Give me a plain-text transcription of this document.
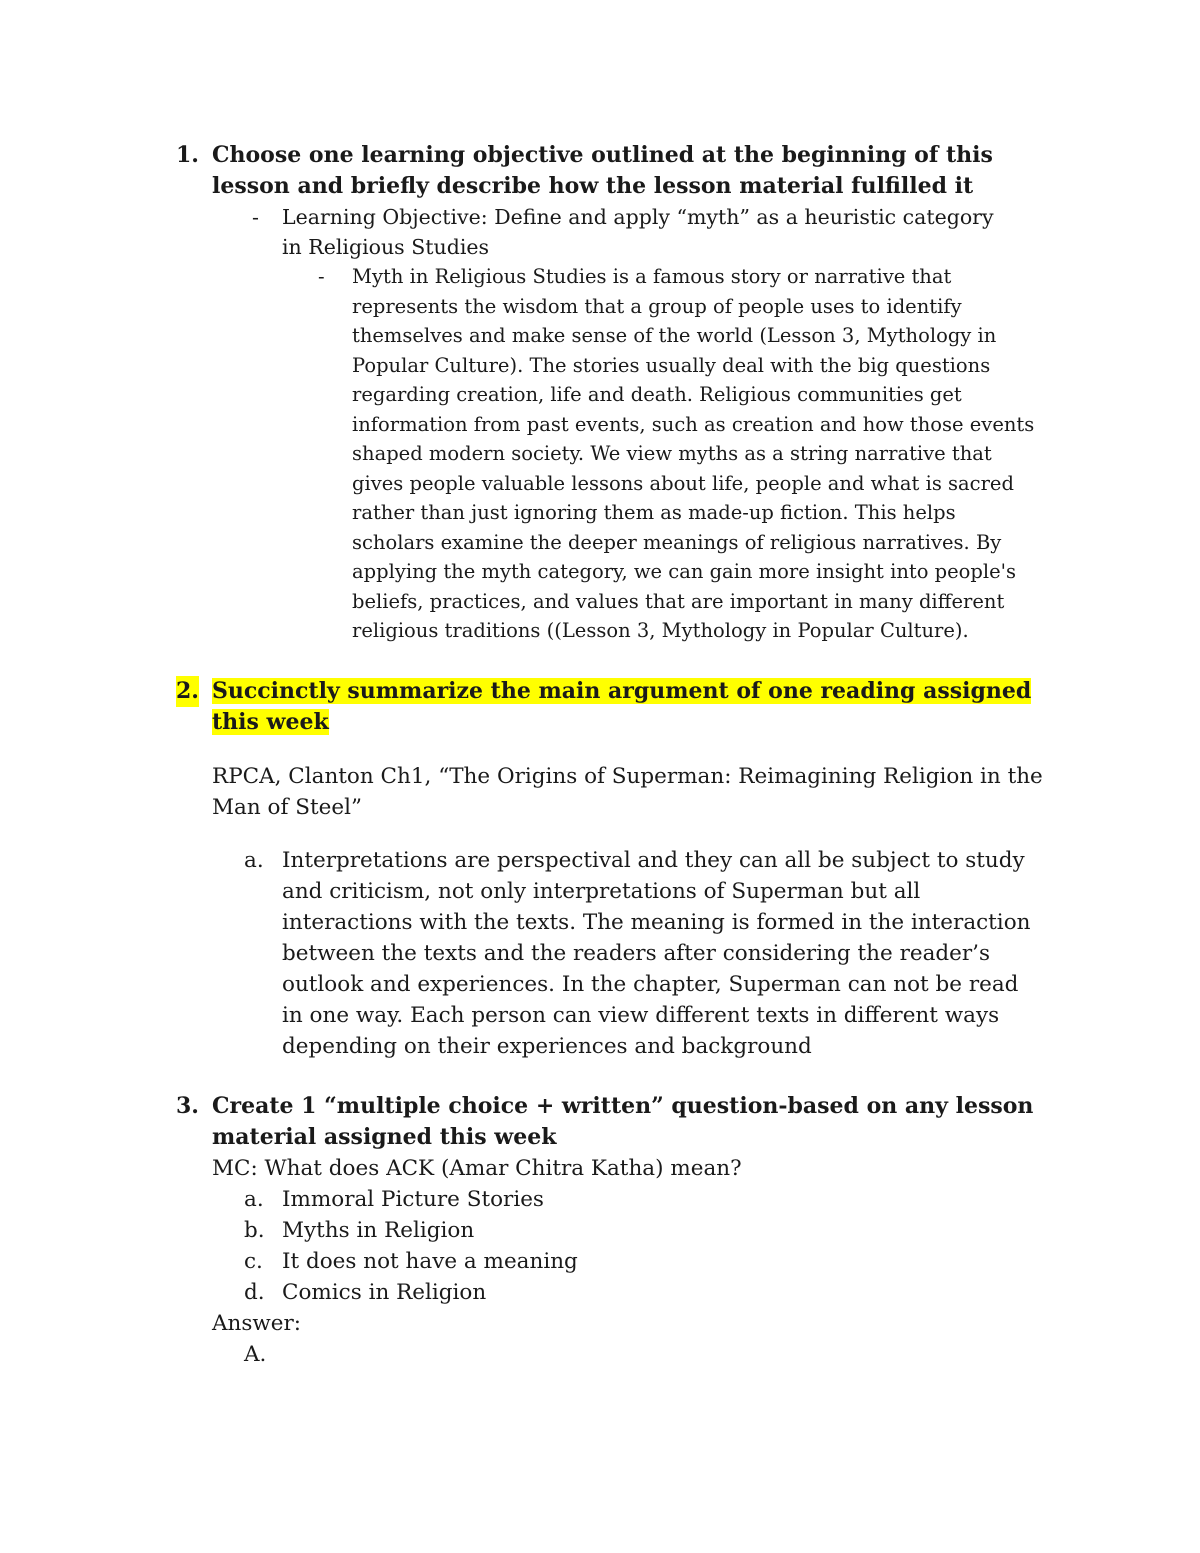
1. Choose one learning objective outlined at the beginning of this lesson and briefly describe how the lesson material fulfilled it
- Learning Objective: Define and apply “myth” as a heuristic category in Religious Studies
- Myth in Religious Studies is a famous story or narrative that represents the wisdom that a group of people uses to identify themselves and make sense of the world (Lesson 3, Mythology in Popular Culture). The stories usually deal with the big questions regarding creation, life and death. Religious communities get information from past events, such as creation and how those events shaped modern society. We view myths as a string narrative that gives people valuable lessons about life, people and what is sacred rather than just ignoring them as made-up fiction. This helps scholars examine the deeper meanings of religious narratives. By applying the myth category, we can gain more insight into people's beliefs, practices, and values that are important in many different religious traditions ((Lesson 3, Mythology in Popular Culture).
2. Succinctly summarize the main argument of one reading assigned
this week
RPCA, Clanton Ch1, “The Origins of Superman: Reimagining Religion in the Man of Steel”
a. Interpretations are perspectival and they can all be subject to study and criticism, not only interpretations of Superman but all interactions with the texts. The meaning is formed in the interaction between the texts and the readers after considering the reader’s outlook and experiences. In the chapter, Superman can not be read in one way. Each person can view different texts in different ways depending on their experiences and background
3. Create 1 “multiple choice + written” question-based on any lesson material assigned this week
MC: What does ACK (Amar Chitra Katha) mean?
a. Immoral Picture Stories
b. Myths in Religion
c. It does not have a meaning
d. Comics in Religion
Answer:
A.
